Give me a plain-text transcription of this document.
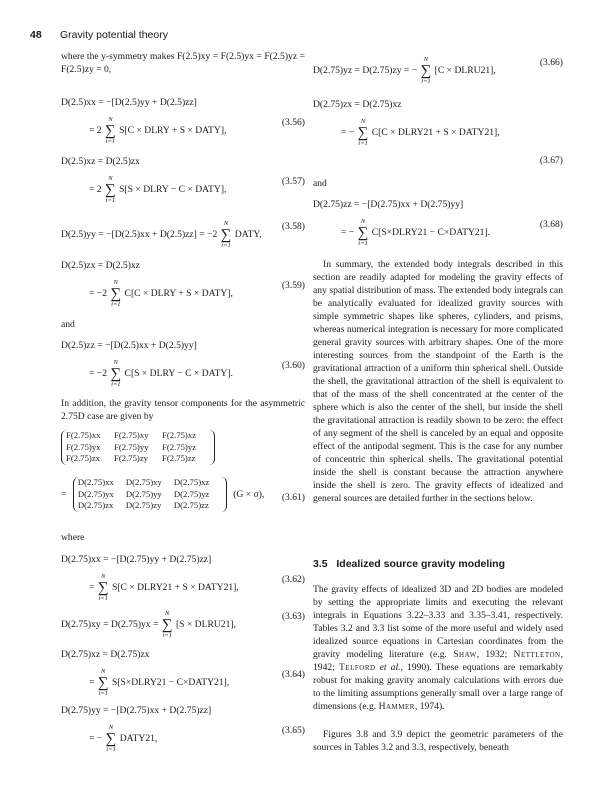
48 Gravity potential theory
where the y-symmetry makes F(2.5)xy = F(2.5)yx = F(2.5)yz = F(2.5)zy = 0,
D(2.5)xx = −[D(2.5)yy + D(2.5)zz]
= 2
N
∑
i=1
S[C × DLRY + S × DATY],
(3.56)
D(2.5)xz = D(2.5)zx
= 2
N
∑
i=1
S[S × DLRY − C × DATY],
(3.57)
D(2.5)yy = −[D(2.5)xx + D(2.5)zz] = −2
N
∑
i=1
DATY,
(3.58)
D(2.5)zx = D(2.5)xz
= −2
N
∑
i=1
C[C × DLRY + S × DATY],
(3.59)
and
D(2.5)zz = −[D(2.5)xx + D(2.5)yy]
= −2
N
∑
i=1
C[S × DLRY − C × DATY].
(3.60)
In addition, the gravity tensor components for the asymmetric 2.75D case are given by
F(2.75)xx F(2.75)xy F(2.75)xz
F(2.75)yx F(2.75)yy F(2.75)yz
F(2.75)zx F(2.75)zy F(2.75)zz
=
D(2.75)xx D(2.75)xy D(2.75)xz
D(2.75)yx D(2.75)yy D(2.75)yz
D(2.75)zx D(2.75)zy D(2.75)zz
(G × σ), (3.61)
where
D(2.75)xx = −[D(2.75)yy + D(2.75)zz]
=
N
∑
i=1
S[C × DLRY21 + S × DATY21],
(3.62)
D(2.75)xy = D(2.75)yx =
N
∑
i=1
[S × DLRU21],
(3.63)
D(2.75)xz = D(2.75)zx
=
N
∑
i=1
S[S×DLRY21 − C×DATY21],
(3.64)
D(2.75)yy = −[D(2.75)xx + D(2.75)zz]
= −
N
∑
i=1
DATY21,
(3.65)
D(2.75)yz = D(2.75)zy = −
N
∑
i=1
[C × DLRU21],
(3.66)
D(2.75)zx = D(2.75)xz
= −
N
∑
i=1
C[C × DLRY21 + S × DATY21],
(3.67)
and
D(2.75)zz = −[D(2.75)xx + D(2.75)yy]
= −
N
∑
i=1
C[S×DLRY21 − C×DATY21].
(3.68)
In summary, the extended body integrals described in this section are readily adapted for modeling the gravity effects of any spatial distribution of mass. The extended body integrals can be analytically evaluated for idealized gravity sources with simple symmetric shapes like spheres, cylinders, and prisms, whereas numerical integration is necessary for more complicated general gravity sources with arbitrary shapes. One of the more interesting sources from the standpoint of the Earth is the gravitational attraction of a uniform thin spherical shell. Outside the shell, the gravitational attraction of the shell is equivalent to that of the mass of the shell concentrated at the center of the sphere which is also the center of the shell, but inside the shell the gravitational attraction is readily shown to be zero: the effect of any segment of the shell is canceled by an equal and opposite effect of the antipodal segment. This is the case for any number of concentric thin spherical shells. The gravitational potential inside the shell is constant because the attraction anywhere inside the shell is zero. The gravity effects of idealized and general sources are detailed further in the sections below.
3.5 Idealized source gravity modeling
The gravity effects of idealized 3D and 2D bodies are modeled by setting the appropriate limits and executing the relevant integrals in Equations 3.22–3.33 and 3.35–3.41, respectively. Tables 3.2 and 3.3 list some of the more useful and widely used idealized source equations in Cartesian coordinates from the gravity modeling literature (e.g. Shaw, 1932; Nettleton, 1942; Telford et al., 1990). These equations are remarkably robust for making gravity anomaly calculations with errors due to the limiting assumptions generally small over a large range of dimensions (e.g. Hammer, 1974).
Figures 3.8 and 3.9 depict the geometric parameters of the sources in Tables 3.2 and 3.3, respectively, beneath
